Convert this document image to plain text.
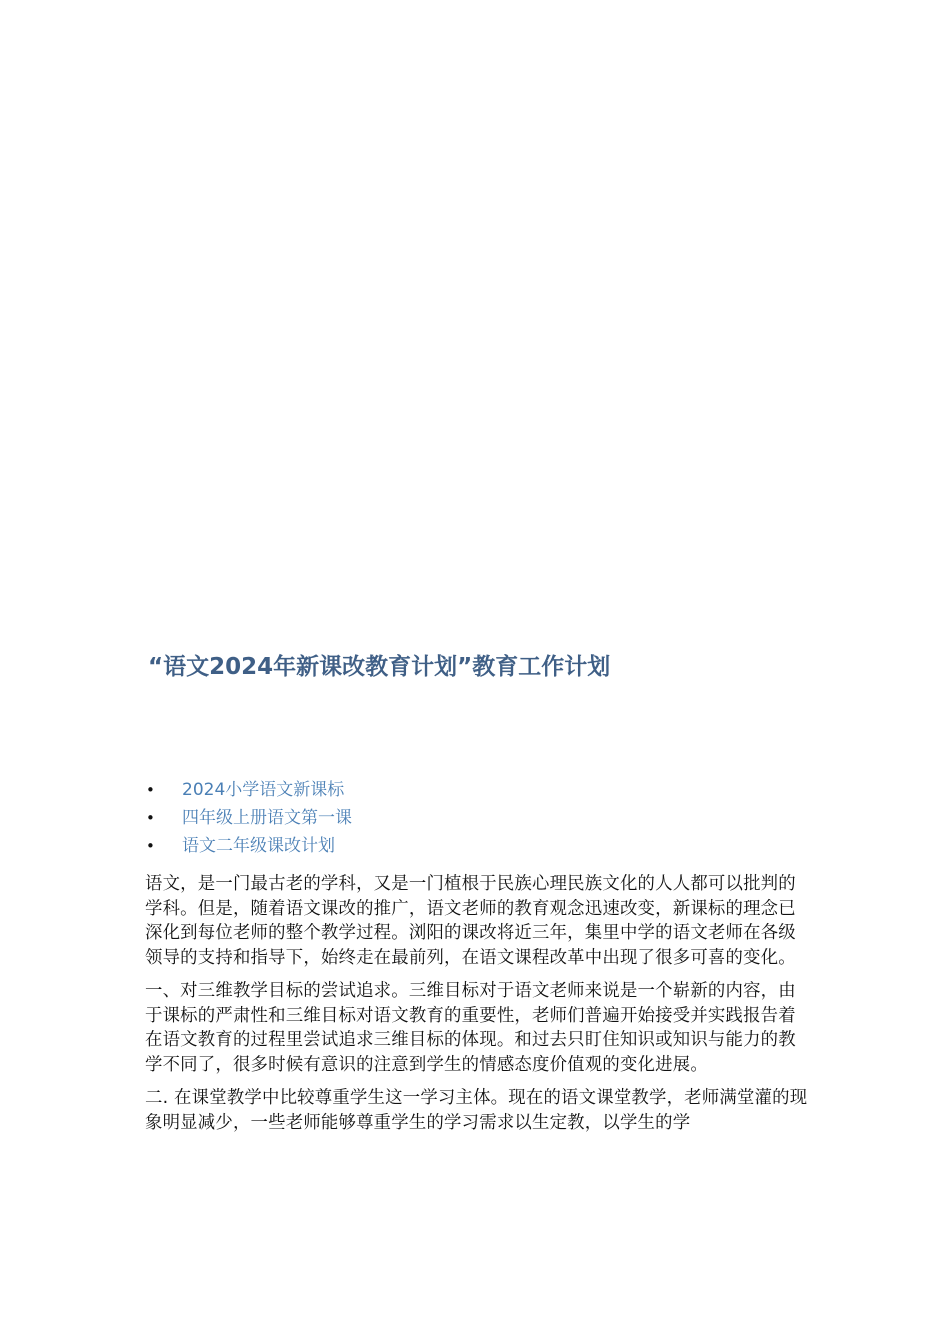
“语文2024年新课改教育计划”教育工作计划
• 2024小学语文新课标
• 四年级上册语文第一课
• 语文二年级课改计划

语文，是一门最古老的学科，又是一门植根于民族心理民族文化的人人都可以批判的学科。但是，随着语文课改的推广，语文老师的教育观念迅速改变，新课标的理念已深化到每位老师的整个教学过程。浏阳的课改将近三年，集里中学的语文老师在各级领导的支持和指导下，始终走在最前列，在语文课程改革中出现了很多可喜的变化。

一、对三维教学目标的尝试追求。三维目标对于语文老师来说是一个崭新的内容，由于课标的严肃性和三维目标对语文教育的重要性，老师们普遍开始接受并实践报告着在语文教育的过程里尝试追求三维目标的体现。和过去只盯住知识或知识与能力的教学不同了，很多时候有意识的注意到学生的情感态度价值观的变化进展。

二. 在课堂教学中比较尊重学生这一学习主体。现在的语文课堂教学，老师满堂灌的现象明显减少，一些老师能够尊重学生的学习需求以生定教，以学生的学
